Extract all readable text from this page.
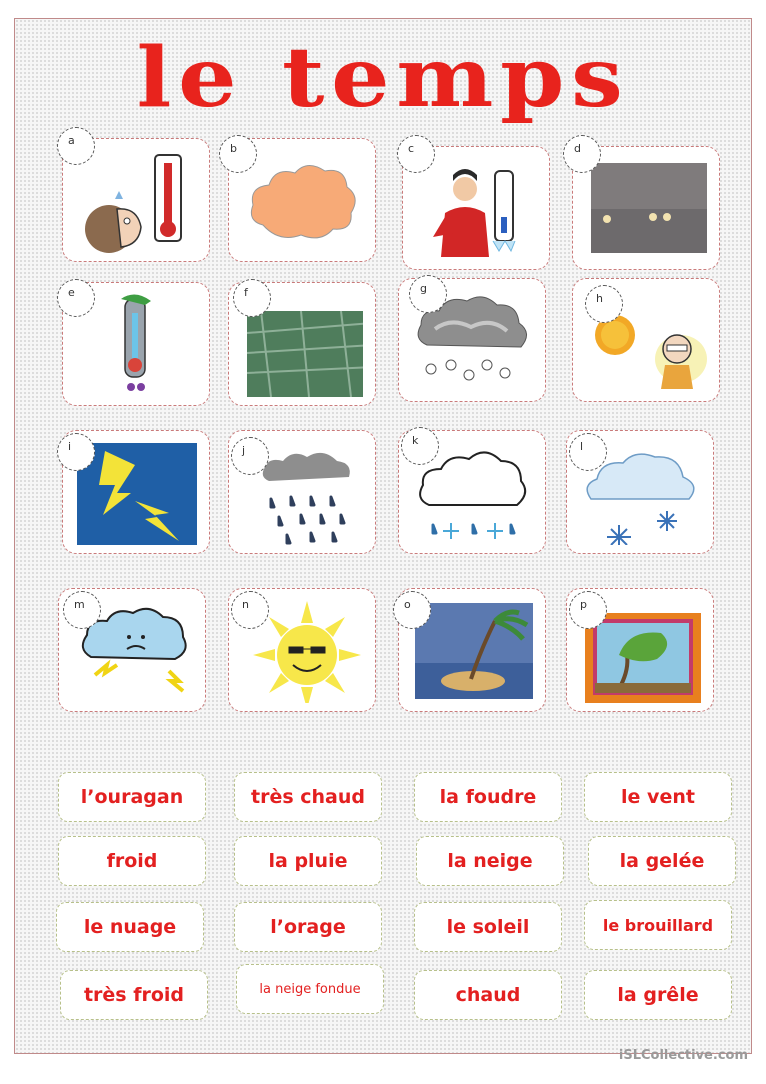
le temps
a
b	c	d
e	f	g
h
i	j
k	l
m	n	o	p
l’ouragan	très chaud	la foudre	le vent
froid	la pluie	la neige	la gelée
le nuage	l’orage	le soleil	le brouillard
très froid	la neige fondue	chaud	la grêle
iSLCollective.com
